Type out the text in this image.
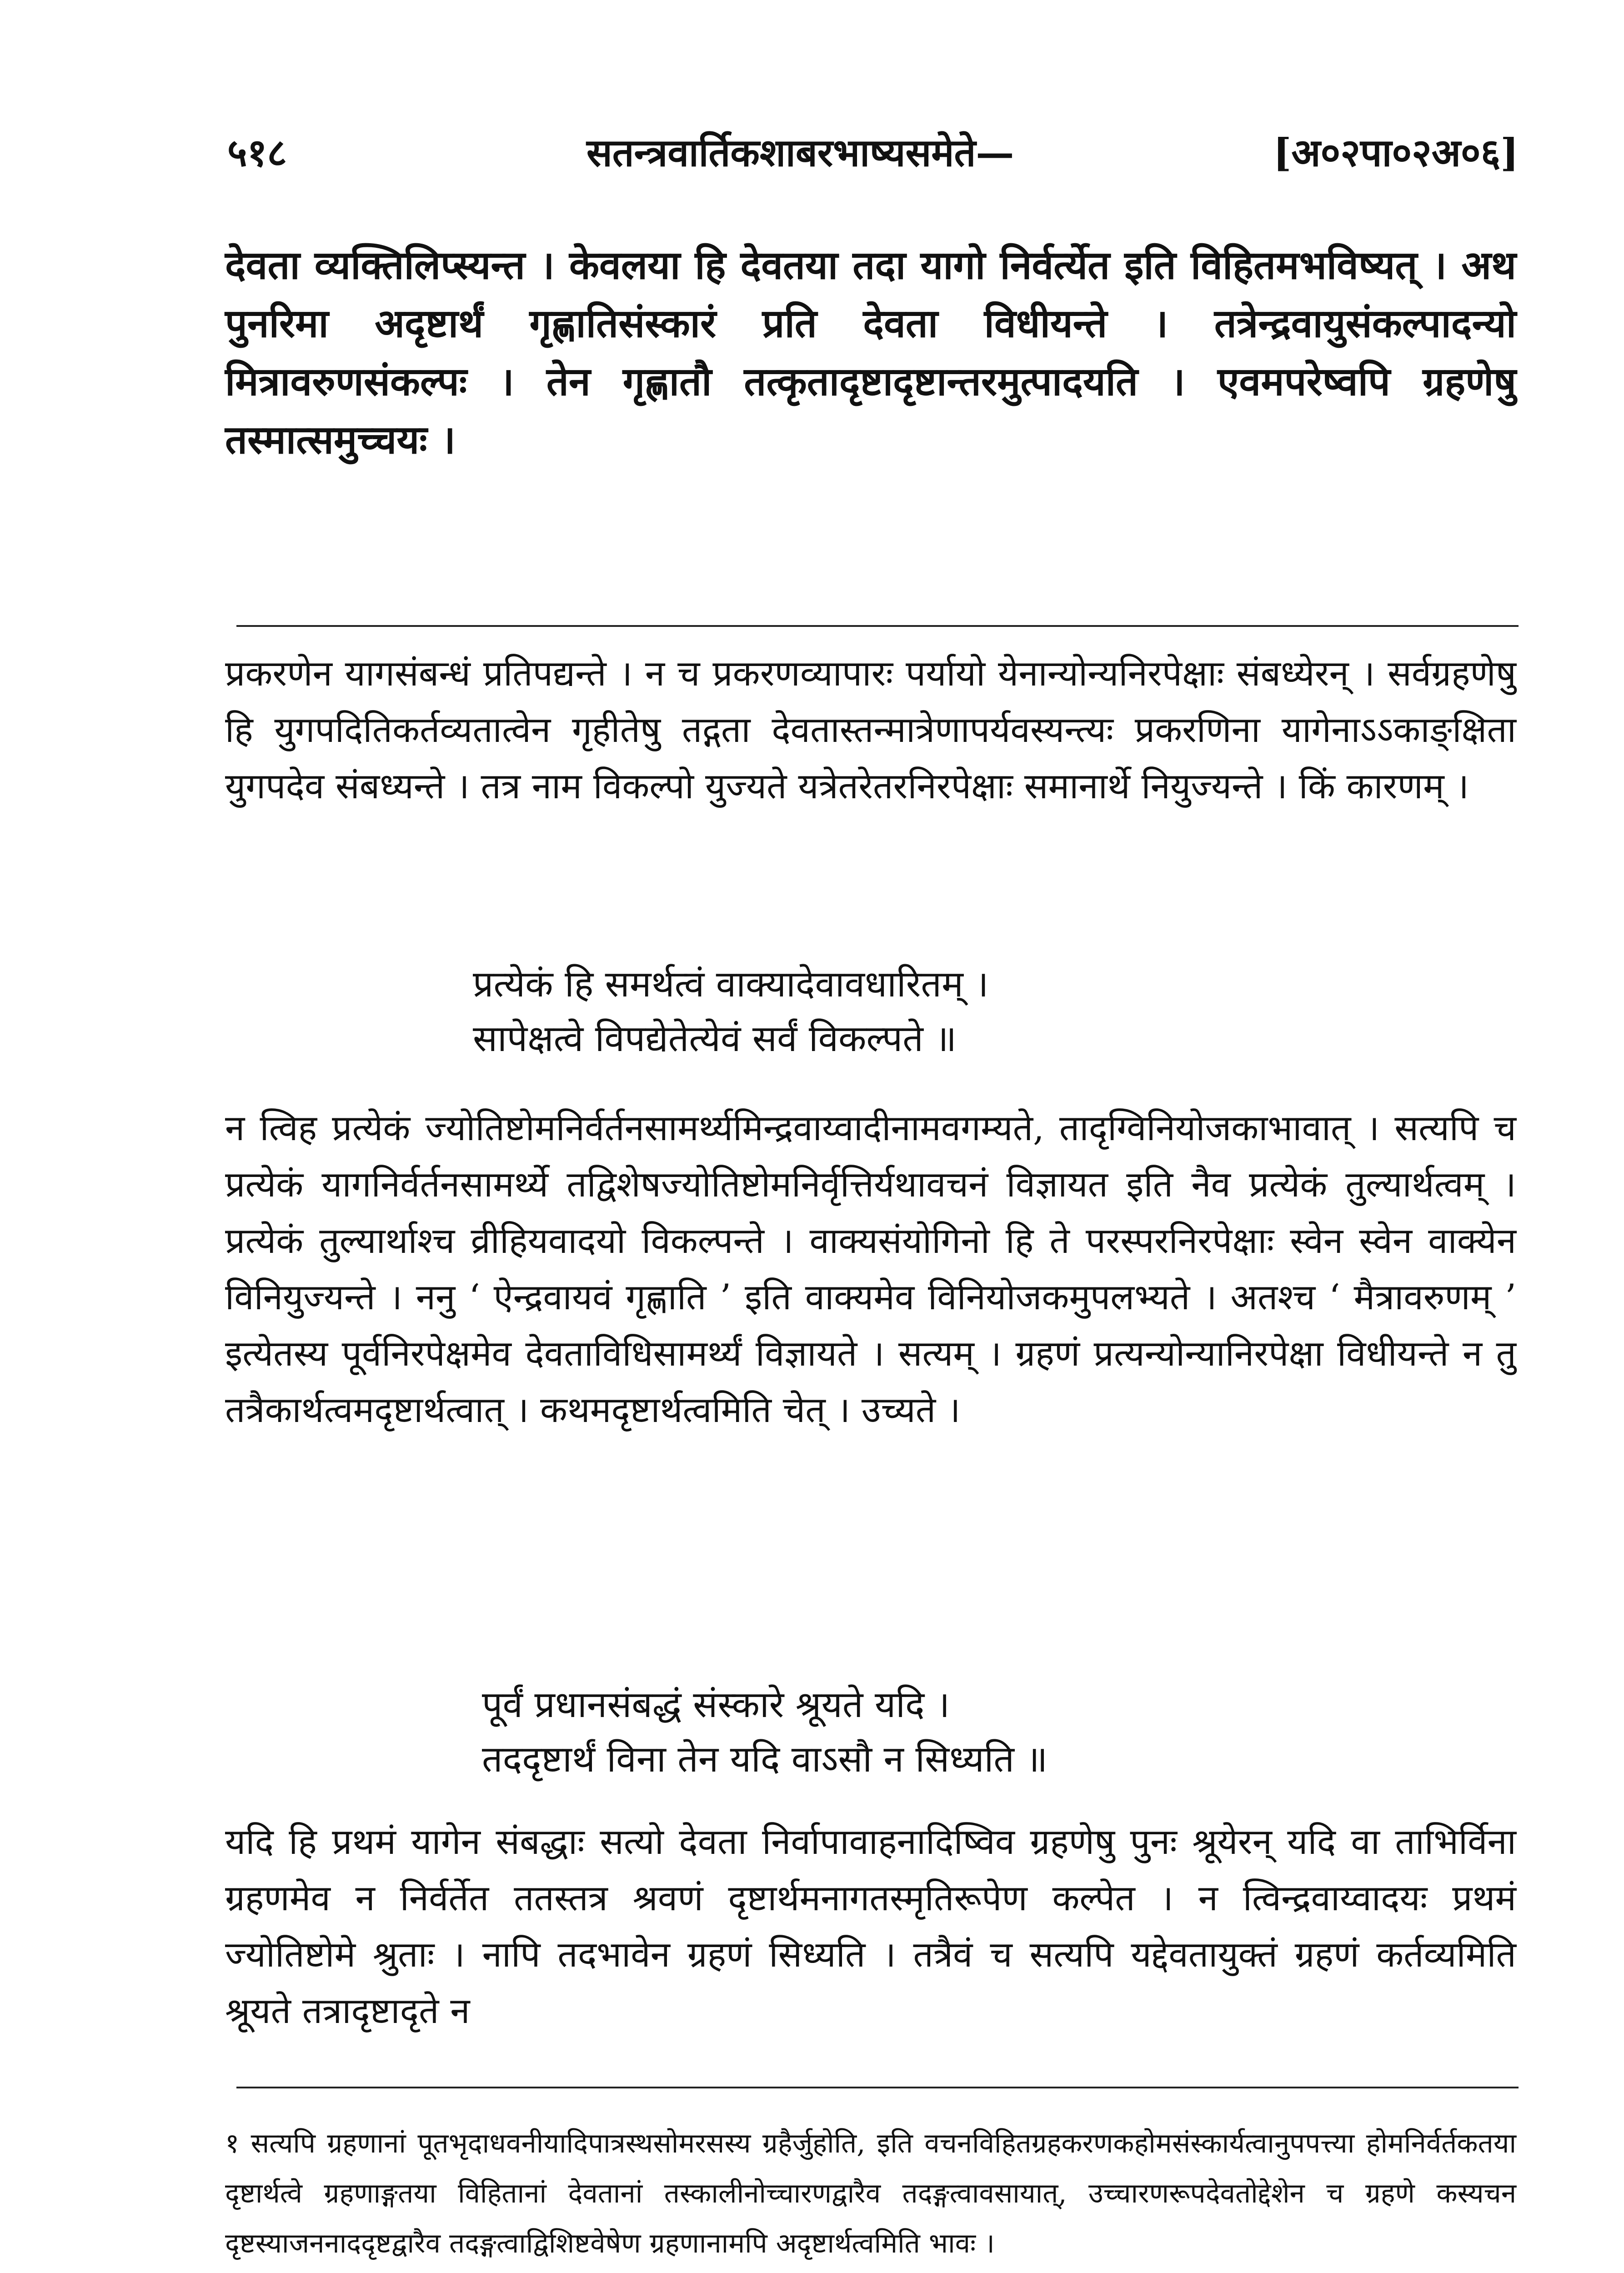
५१८	सतन्त्रवार्तिकशाबरभाष्यसमेते—	[अ०२पा०२अ०६]

देवता व्यक्तिलिप्स्यन्त । केवलया हि देवतया तदा यागो निर्वर्त्येत इति विहितमभविष्यत् । अथ पुनरिमा अदृष्टार्थं गृह्णातिसंस्कारं प्रति देवता विधीयन्ते । तत्रेन्द्रवायुसंकल्पादन्यो मित्रावरुणसंकल्पः । तेन गृह्णातौ तत्कृतादृष्टादृष्टान्तरमुत्पादयति । एवमपरेष्वपि ग्रहणेषु तस्मात्समुच्चयः ।

प्रकरणेन यागसंबन्धं प्रतिपद्यन्ते । न च प्रकरणव्यापारः पर्यायो येनान्योन्यनिरपेक्षाः संबध्येरन् । सर्वग्रहणेषु हि युगपदितिकर्तव्यतात्वेन गृहीतेषु तद्गता देवतास्तन्मात्रेणापर्यवस्यन्त्यः प्रकरणिना यागेनाऽऽकाङ्क्षिता युगपदेव संबध्यन्ते । तत्र नाम विकल्पो युज्यते यत्रेतरेतरनिरपेक्षाः समानार्थे नियुज्यन्ते । किं कारणम् ।

प्रत्येकं हि समर्थत्वं वाक्यादेवावधारितम् ।
सापेक्षत्वे विपद्येतेत्येवं सर्वं विकल्पते ॥

न त्विह प्रत्येकं ज्योतिष्टोमनिर्वर्तनसामर्थ्यमिन्द्रवाय्वादीनामवगम्यते, तादृग्विनियोजकाभावात् । सत्यपि च प्रत्येकं यागनिर्वर्तनसामर्थ्ये तद्विशेषज्योतिष्टोमनिर्वृत्तिर्यथावचनं विज्ञायत इति नैव प्रत्येकं तुल्यार्थत्वम् । प्रत्येकं तुल्यार्थाश्च व्रीहियवादयो विकल्पन्ते । वाक्यसंयोगिनो हि ते परस्परनिरपेक्षाः स्वेन स्वेन वाक्येन विनियुज्यन्ते । ननु ‘ ऐन्द्रवायवं गृह्णाति ’ इति वाक्यमेव विनियोजकमुपलभ्यते । अतश्च ‘ मैत्रावरुणम् ’ इत्येतस्य पूर्वनिरपेक्षमेव देवताविधिसामर्थ्यं विज्ञायते । सत्यम् । ग्रहणं प्रत्यन्योन्यानिरपेक्षा विधीयन्ते न तु तत्रैकार्थत्वमदृष्टार्थत्वात् । कथमदृष्टार्थत्वमिति चेत् । उच्यते ।

पूर्वं प्रधानसंबद्धं संस्कारे श्रूयते यदि ।
तददृष्टार्थं विना तेन यदि वाऽसौ न सिध्यति ॥

यदि हि प्रथमं यागेन संबद्धाः सत्यो देवता निर्वापावाहनादिष्विव ग्रहणेषु पुनः श्रूयेरन् यदि वा ताभिर्विना ग्रहणमेव न निर्वर्तेत ततस्तत्र श्रवणं दृष्टार्थमनागतस्मृतिरूपेण कल्पेत । न त्विन्द्रवाय्वादयः प्रथमं ज्योतिष्टोमे श्रुताः । नापि तदभावेन ग्रहणं सिध्यति । तत्रैवं च सत्यपि यद्देवतायुक्तं ग्रहणं कर्तव्यमिति श्रूयते तत्रादृष्टादृते न

१ सत्यपि ग्रहणानां पूतभृदाधवनीयादिपात्रस्थसोमरसस्य ग्रहैर्जुहोति, इति वचनविहितग्रहकरणकहोमसंस्कार्यत्वानुपपत्त्या होमनिर्वर्तकतया दृष्टार्थत्वे ग्रहणाङ्गतया विहितानां देवतानां तस्कालीनोच्चारणद्वारैव तदङ्गत्वावसायात्, उच्चारणरूपदेवतोद्देशेन च ग्रहणे कस्यचन दृष्टस्याजननाददृष्टद्वारैव तदङ्गत्वाद्विशिष्टवेषेण ग्रहणानामपि अदृष्टार्थत्वमिति भावः ।
